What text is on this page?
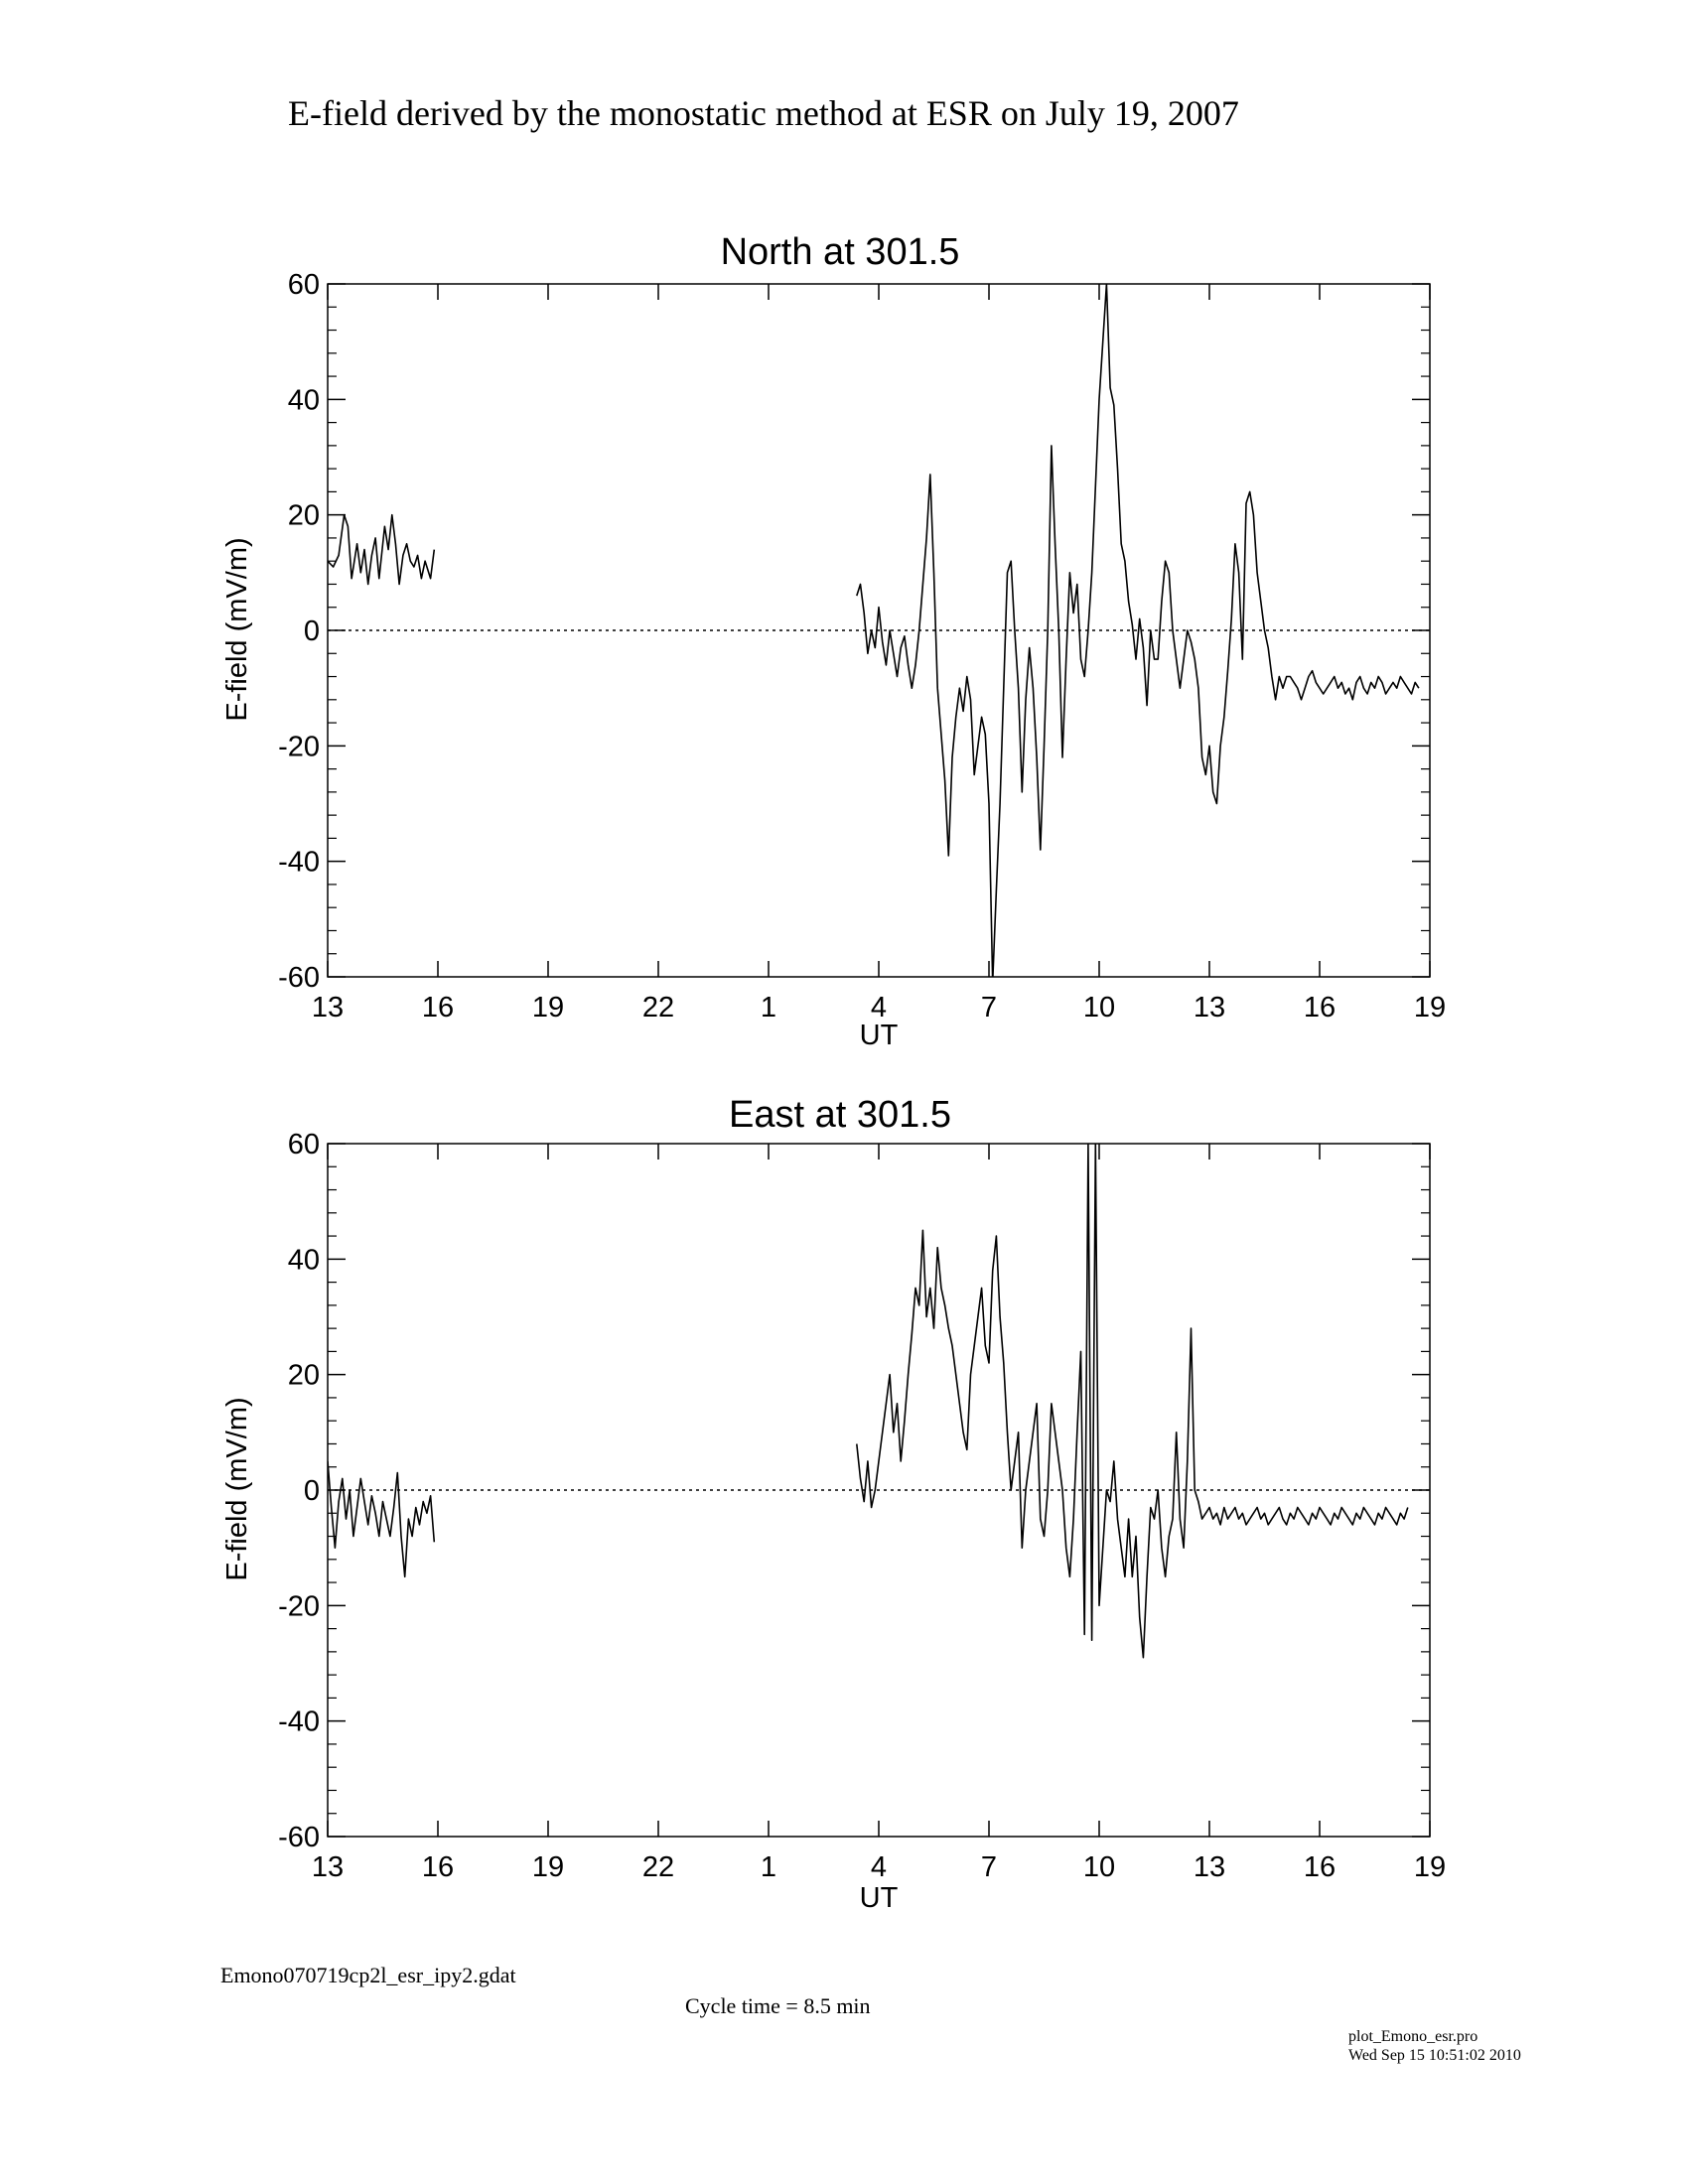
E-field derived by the monostatic method at ESR on July 19, 2007
North at 301.5
13	16	19	22	1	4	7	10	13	16	19
60
40
20
0
-20
-40
-60
UT
E-field (mV/m)
East at 301.5
13	16	19	22	1	4	7	10	13	16	19
60
40
20
0
-20
-40
-60
UT
E-field (mV/m)
Emono070719cp2l_esr_ipy2.gdat
Cycle time = 8.5 min
plot_Emono_esr.pro
Wed Sep 15 10:51:02 2010
